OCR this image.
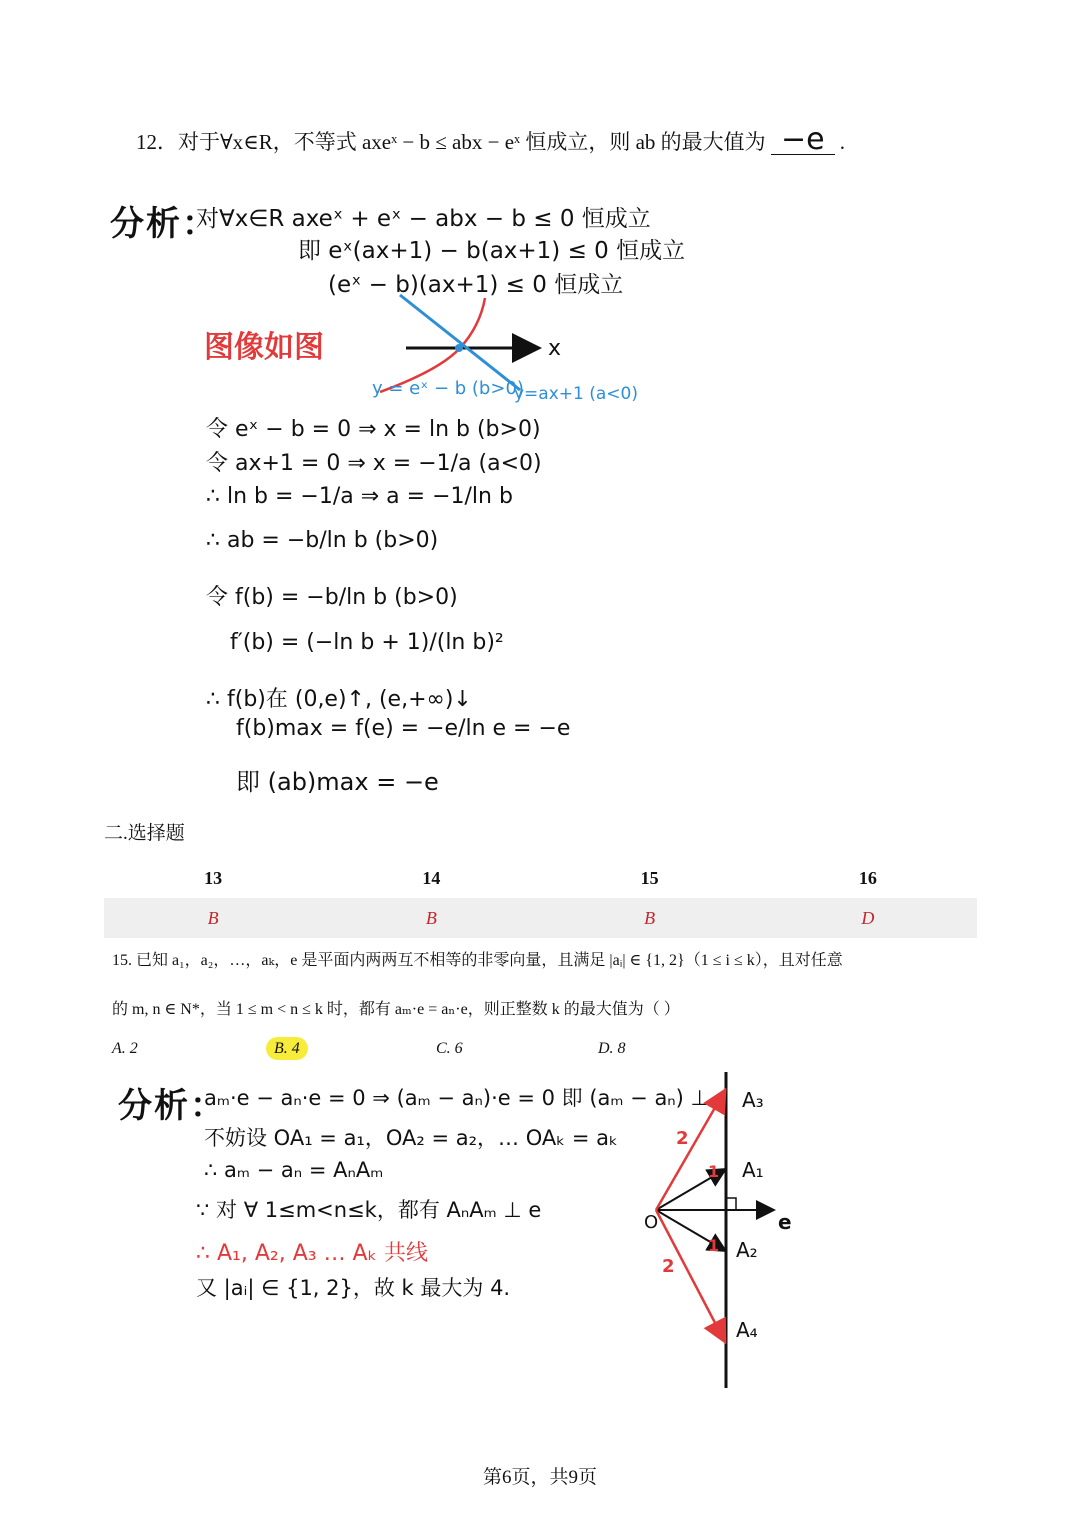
12．对于∀x∈R，不等式 axeˣ − b ≤ abx − eˣ 恒成立，则 ab 的最大值为 −e .
分析：
对∀x∈R axeˣ + eˣ − abx − b ≤ 0 恒成立
即 eˣ(ax+1) − b(ax+1) ≤ 0 恒成立
(eˣ − b)(ax+1) ≤ 0 恒成立
图像如图	x
y = eˣ − b (b>0)
y=ax+1 (a<0)
令 eˣ − b = 0 ⇒ x = ln b (b>0)
令 ax+1 = 0 ⇒ x = −1/a (a<0)
∴ ln b = −1/a ⇒ a = −1/ln b
∴ ab = −b/ln b (b>0)
令 f(b) = −b/ln b (b>0)
f′(b) = (−ln b + 1)/(ln b)²
∴ f(b)在 (0,e)↑, (e,+∞)↓
f(b)max = f(e) = −e/ln e = −e
即 (ab)max = −e
二.选择题
13	14	15	16
B	B	B	D
15. 已知 a₁，a₂，…，aₖ，e 是平面内两两互不相等的非零向量，且满足 |aᵢ| ∈ {1, 2}（1 ≤ i ≤ k），且对任意
的 m, n ∈ N*，当 1 ≤ m < n ≤ k 时，都有 aₘ·e = aₙ·e，则正整数 k 的最大值为（ ）
A. 2	B. 4	C. 6	D. 8
分析：
aₘ·e − aₙ·e = 0 ⇒ (aₘ − aₙ)·e = 0 即 (aₘ − aₙ) ⊥ e
不妨设 OA₁ = a₁，OA₂ = a₂，… OAₖ = aₖ
∴ aₘ − aₙ = AₙAₘ
∵ 对 ∀ 1≤m<n≤k，都有 AₙAₘ ⊥ e
∴ A₁, A₂, A₃ … Aₖ 共线
又 |aᵢ| ∈ {1, 2}，故 k 最大为 4.
O
A₃
A₁
A₂
A₄
e
2
2
1
1
第6页，共9页
